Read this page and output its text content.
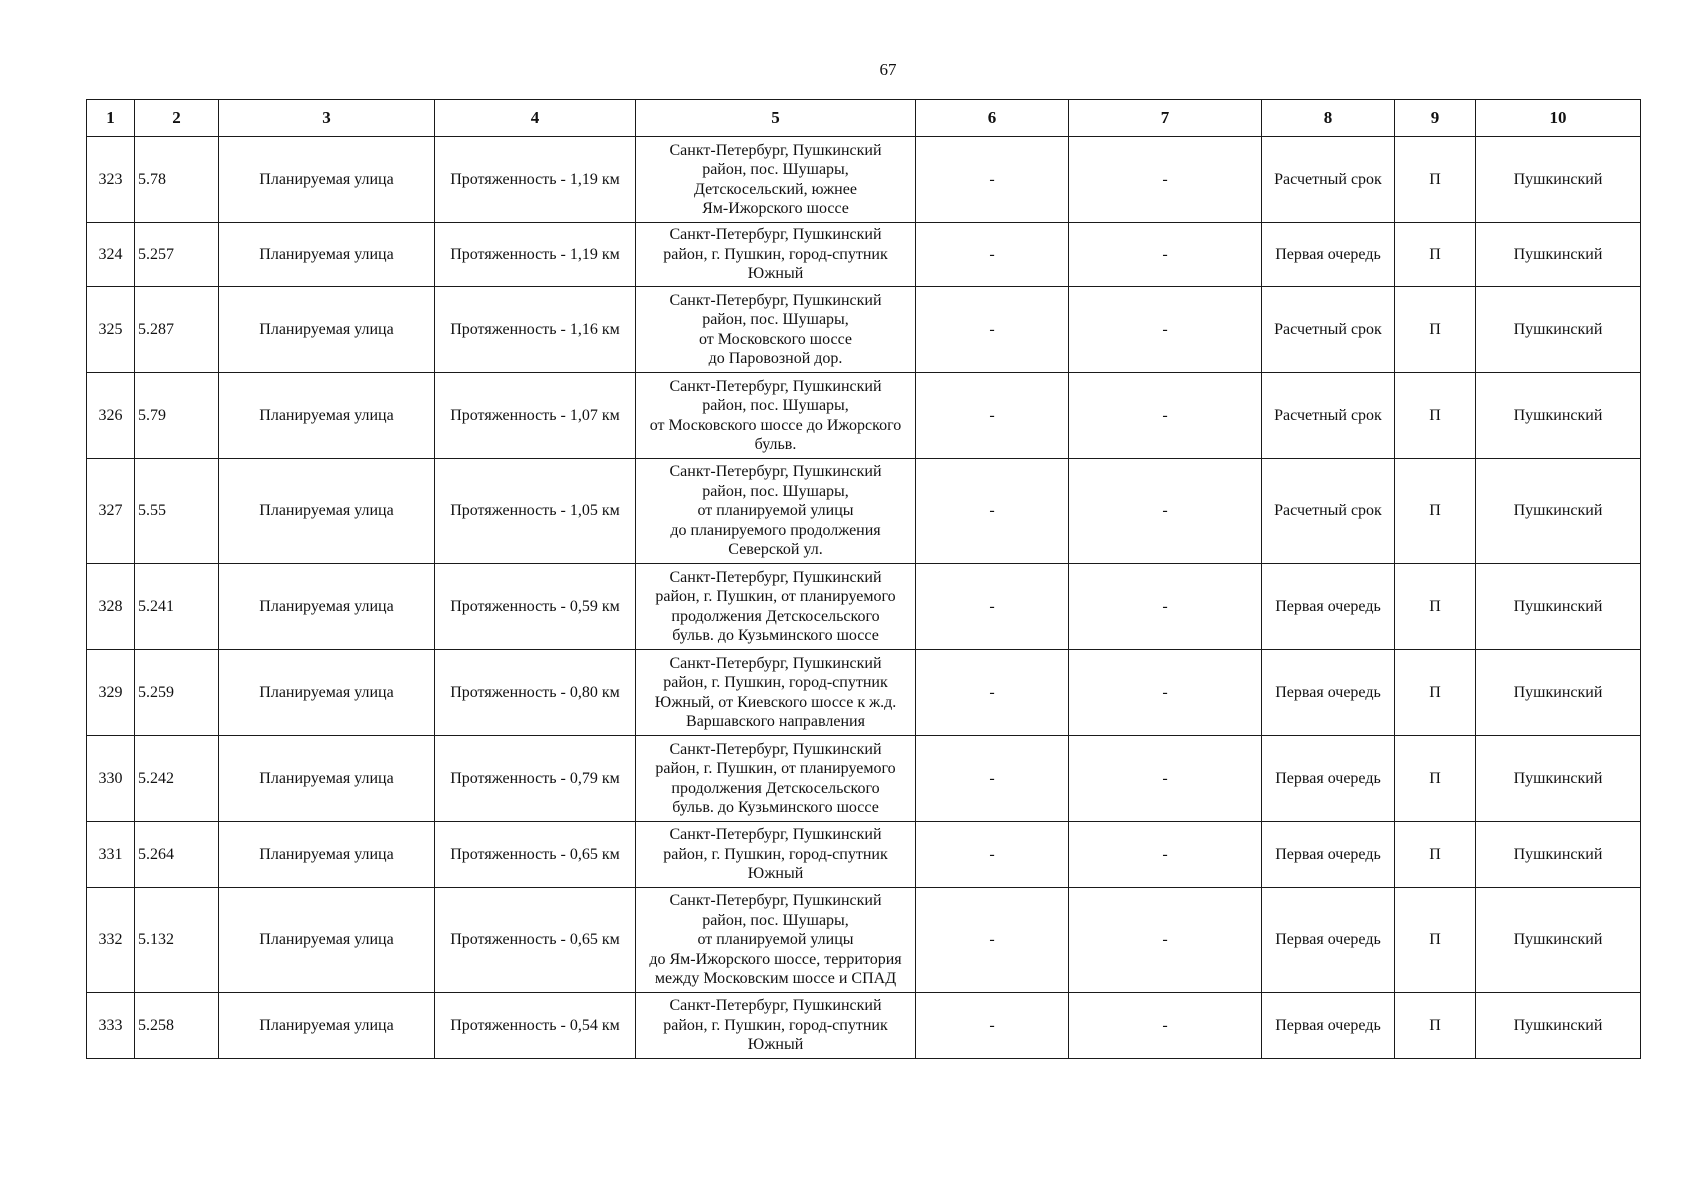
67
1	2	3	4	5	6	7	8	9	10
323	5.78	Планируемая улица	Протяженность - 1,19 км	Санкт-Петербург, Пушкинский
район, пос. Шушары,
Детскосельский, южнее
Ям-Ижорского шоссе	-	-	Расчетный срок	П	Пушкинский
324	5.257	Планируемая улица	Протяженность - 1,19 км	Санкт-Петербург, Пушкинский
район, г. Пушкин, город-спутник
Южный	-	-	Первая очередь	П	Пушкинский
325	5.287	Планируемая улица	Протяженность - 1,16 км	Санкт-Петербург, Пушкинский
район, пос. Шушары,
от Московского шоссе
до Паровозной дор.	-	-	Расчетный срок	П	Пушкинский
326	5.79	Планируемая улица	Протяженность - 1,07 км	Санкт-Петербург, Пушкинский
район, пос. Шушары,
от Московского шоссе до Ижорского
бульв.	-	-	Расчетный срок	П	Пушкинский
327	5.55	Планируемая улица	Протяженность - 1,05 км	Санкт-Петербург, Пушкинский
район, пос. Шушары,
от планируемой улицы
до планируемого продолжения
Северской ул.	-	-	Расчетный срок	П	Пушкинский
328	5.241	Планируемая улица	Протяженность - 0,59 км	Санкт-Петербург, Пушкинский
район, г. Пушкин, от планируемого
продолжения Детскосельского
бульв. до Кузьминского шоссе	-	-	Первая очередь	П	Пушкинский
329	5.259	Планируемая улица	Протяженность - 0,80 км	Санкт-Петербург, Пушкинский
район, г. Пушкин, город-спутник
Южный, от Киевского шоссе к ж.д.
Варшавского направления	-	-	Первая очередь	П	Пушкинский
330	5.242	Планируемая улица	Протяженность - 0,79 км	Санкт-Петербург, Пушкинский
район, г. Пушкин, от планируемого
продолжения Детскосельского
бульв. до Кузьминского шоссе	-	-	Первая очередь	П	Пушкинский
331	5.264	Планируемая улица	Протяженность - 0,65 км	Санкт-Петербург, Пушкинский
район, г. Пушкин, город-спутник
Южный	-	-	Первая очередь	П	Пушкинский
332	5.132	Планируемая улица	Протяженность - 0,65 км	Санкт-Петербург, Пушкинский
район, пос. Шушары,
от планируемой улицы
до Ям-Ижорского шоссе, территория
между Московским шоссе и СПАД	-	-	Первая очередь	П	Пушкинский
333	5.258	Планируемая улица	Протяженность - 0,54 км	Санкт-Петербург, Пушкинский
район, г. Пушкин, город-спутник
Южный	-	-	Первая очередь	П	Пушкинский
